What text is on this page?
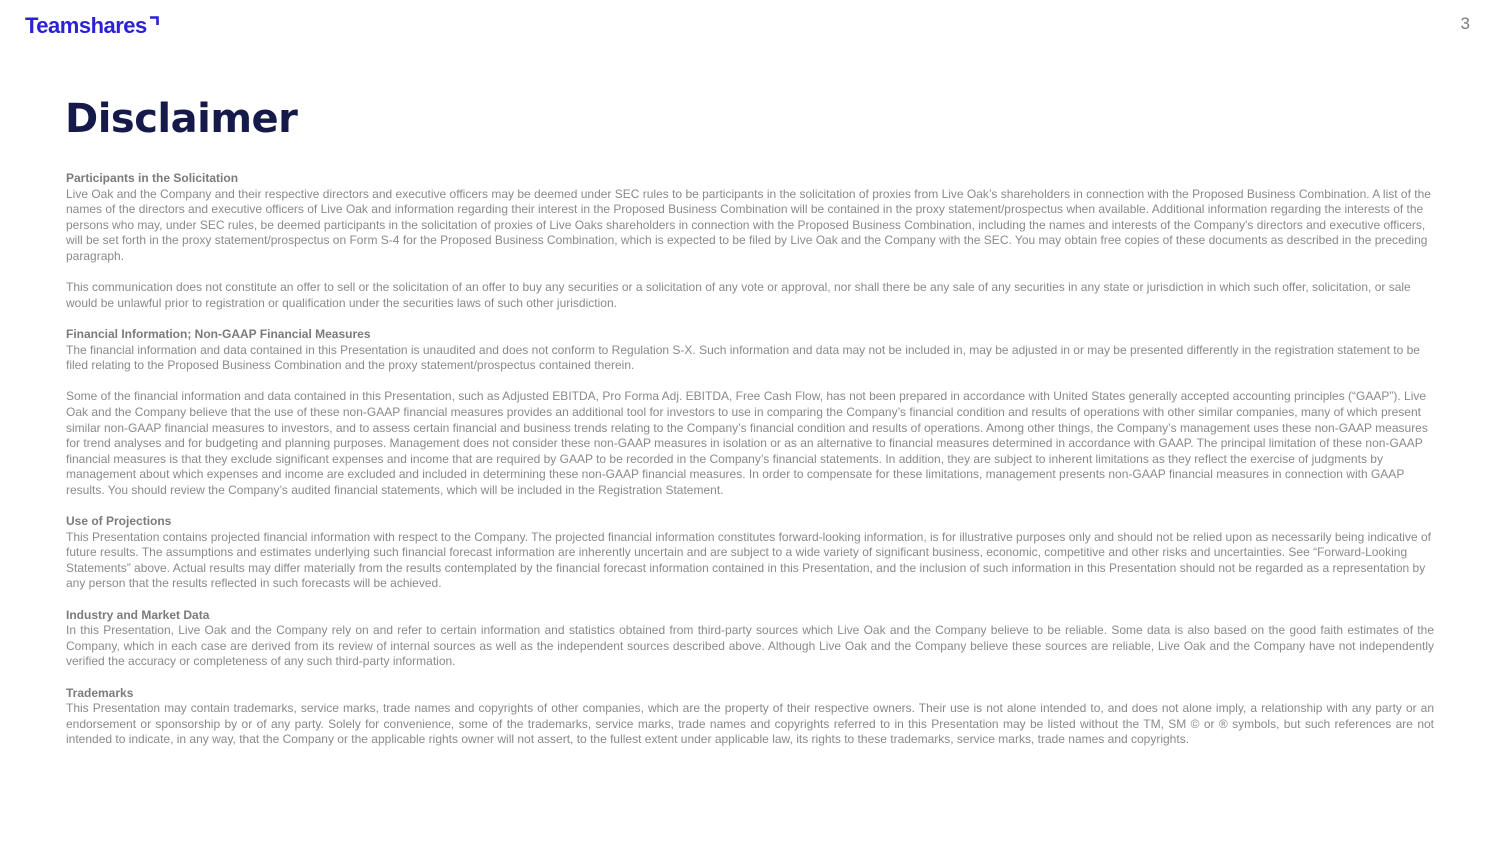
Teamshares	3
Disclaimer

Participants in the Solicitation

Live Oak and the Company and their respective directors and executive officers may be deemed under SEC rules to be participants in the solicitation of proxies from Live Oak’s shareholders in connection with the Proposed Business Combination. A list of the names of the directors and executive officers of Live Oak and information regarding their interest in the Proposed Business Combination will be contained in the proxy statement/prospectus when available. Additional information regarding the interests of the persons who may, under SEC rules, be deemed participants in the solicitation of proxies of Live Oaks shareholders in connection with the Proposed Business Combination, including the names and interests of the Company's directors and executive officers, will be set forth in the proxy statement/prospectus on Form S-4 for the Proposed Business Combination, which is expected to be filed by Live Oak and the Company with the SEC. You may obtain free copies of these documents as described in the preceding paragraph.

This communication does not constitute an offer to sell or the solicitation of an offer to buy any securities or a solicitation of any vote or approval, nor shall there be any sale of any securities in any state or jurisdiction in which such offer, solicitation, or sale would be unlawful prior to registration or qualification under the securities laws of such other jurisdiction.

Financial Information; Non-GAAP Financial Measures

The financial information and data contained in this Presentation is unaudited and does not conform to Regulation S-X. Such information and data may not be included in, may be adjusted in or may be presented differently in the registration statement to be filed relating to the Proposed Business Combination and the proxy statement/prospectus contained therein.

Some of the financial information and data contained in this Presentation, such as Adjusted EBITDA, Pro Forma Adj. EBITDA, Free Cash Flow, has not been prepared in accordance with United States generally accepted accounting principles (“GAAP”). Live Oak and the Company believe that the use of these non-GAAP financial measures provides an additional tool for investors to use in comparing the Company’s financial condition and results of operations with other similar companies, many of which present similar non-GAAP financial measures to investors, and to assess certain financial and business trends relating to the Company’s financial condition and results of operations. Among other things, the Company’s management uses these non-GAAP measures for trend analyses and for budgeting and planning purposes. Management does not consider these non-GAAP measures in isolation or as an alternative to financial measures determined in accordance with GAAP. The principal limitation of these non-GAAP financial measures is that they exclude significant expenses and income that are required by GAAP to be recorded in the Company’s financial statements. In addition, they are subject to inherent limitations as they reflect the exercise of judgments by management about which expenses and income are excluded and included in determining these non-GAAP financial measures. In order to compensate for these limitations, management presents non-GAAP financial measures in connection with GAAP results. You should review the Company’s audited financial statements, which will be included in the Registration Statement.

Use of Projections

This Presentation contains projected financial information with respect to the Company. The projected financial information constitutes forward-looking information, is for illustrative purposes only and should not be relied upon as necessarily being indicative of future results. The assumptions and estimates underlying such financial forecast information are inherently uncertain and are subject to a wide variety of significant business, economic, competitive and other risks and uncertainties. See “Forward-Looking Statements” above. Actual results may differ materially from the results contemplated by the financial forecast information contained in this Presentation, and the inclusion of such information in this Presentation should not be regarded as a representation by any person that the results reflected in such forecasts will be achieved.

Industry and Market Data

In this Presentation, Live Oak and the Company rely on and refer to certain information and statistics obtained from third-party sources which Live Oak and the Company believe to be reliable. Some data is also based on the good faith estimates of the Company, which in each case are derived from its review of internal sources as well as the independent sources described above. Although Live Oak and the Company believe these sources are reliable, Live Oak and the Company have not independently verified the accuracy or completeness of any such third-party information.

Trademarks

This Presentation may contain trademarks, service marks, trade names and copyrights of other companies, which are the property of their respective owners. Their use is not alone intended to, and does not alone imply, a relationship with any party or an endorsement or sponsorship by or of any party. Solely for convenience, some of the trademarks, service marks, trade names and copyrights referred to in this Presentation may be listed without the TM, SM © or ® symbols, but such references are not intended to indicate, in any way, that the Company or the applicable rights owner will not assert, to the fullest extent under applicable law, its rights to these trademarks, service marks, trade names and copyrights.
